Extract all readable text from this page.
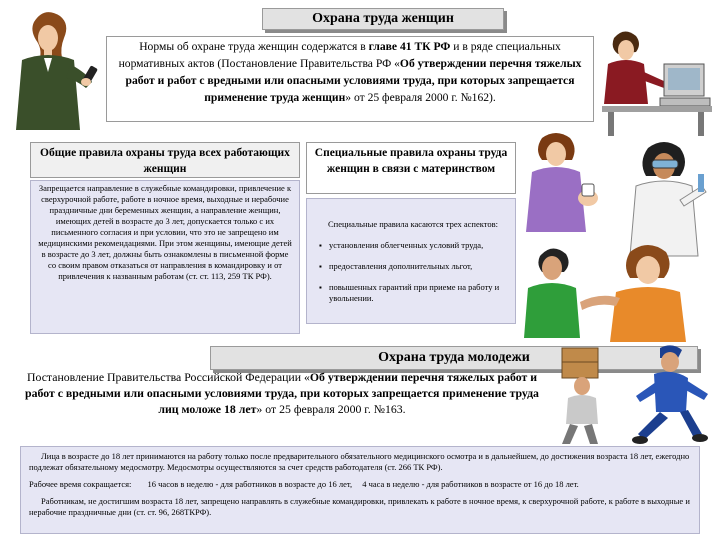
Охрана труда женщин
Нормы об охране труда женщин содержатся в главе 41 ТК РФ и в ряде специальных нормативных актов (Постановление Правительства РФ «Об утверждении перечня тяжелых работ и работ с вредными или опасными условиями труда, при которых запрещается применение труда женщин» от 25 февраля 2000 г. №162).
Общие правила охраны труда всех работающих женщин
Запрещается направление в служебные командировки, привлечение к сверхурочной работе, работе в ночное время, выходные и нерабочие праздничные дни беременных женщин, а направление женщин, имеющих детей в возрасте до 3 лет, допускается только с их письменного согласия и при условии, что это не запрещено им медицинскими рекомендациями. При этом женщины, имеющие детей в возрасте до 3 лет, должны быть ознакомлены в письменной форме со своим правом отказаться от направления в командировку и от привлечения к названным работам (ст. ст. 113, 259 ТК РФ).
Специальные правила охраны труда женщин в связи с материнством
Специальные правила касаются трех аспектов:
▪ установления облегченных условий труда,
▪ предоставления дополнительных льгот,
▪ повышенных гарантий при приеме на работу и увольнении.
Охрана труда молодежи
Постановление Правительства Российской Федерации «Об утверждении перечня тяжелых работ и работ с вредными или опасными условиями труда, при которых запрещается применение труда лиц моложе 18 лет» от 25 февраля 2000 г. №163.
Лица в возрасте до 18 лет принимаются на работу только после предварительного обязательного медицинского осмотра и в дальнейшем, до достижения возраста 18 лет, ежегодно подлежат обязательному медосмотру. Медосмотры осуществляются за счет средств работодателя (ст. 266 ТК РФ).
Рабочее время сокращается: 16 часов в неделю - для работников в возрасте до 16 лет, 4 часа в неделю - для работников в возрасте от 16 до 18 лет.
Работникам, не достигшим возраста 18 лет, запрещено направлять в служебные командировки, привлекать к работе в ночное время, к сверхурочной работе, к работе в выходные и нерабочие праздничные дни (ст. ст. 96, 268ТКРФ).
